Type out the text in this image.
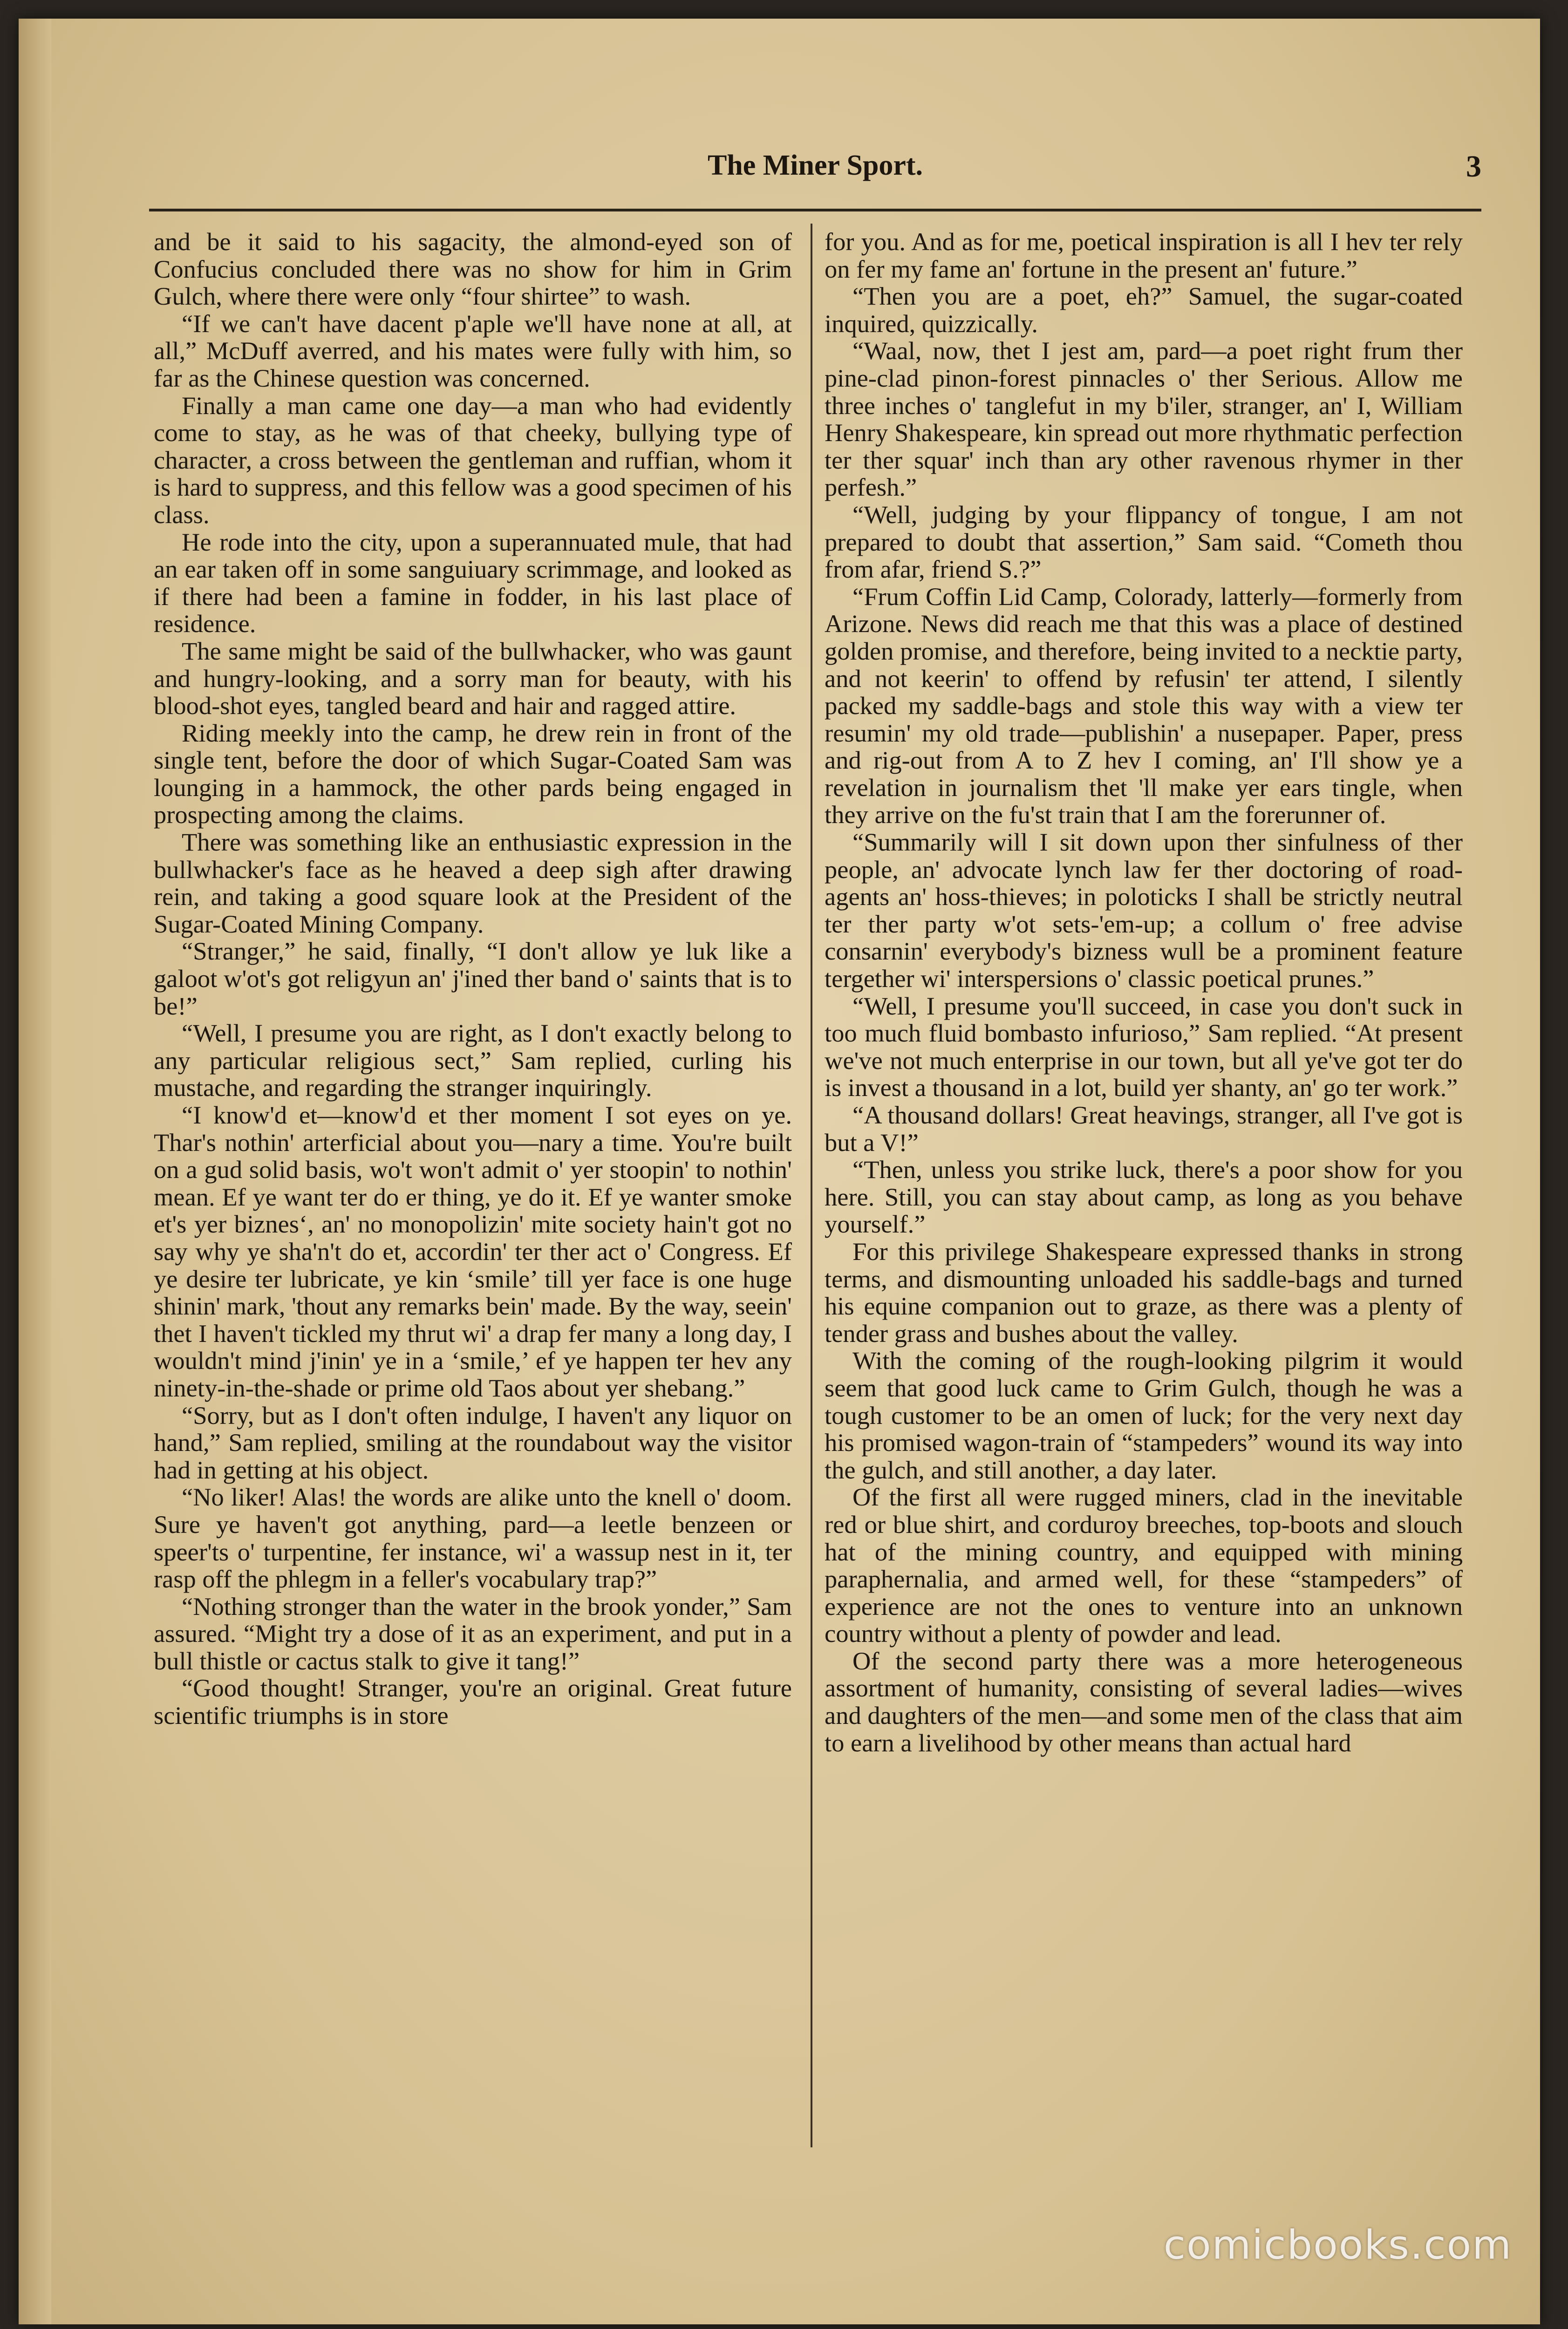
The Miner Sport.	3

and be it said to his sagacity, the almond-eyed son of Confucius concluded there was no show for him in Grim Gulch, where there were only “four shirtee” to wash.

“If we can't have dacent p'aple we'll have none at all, at all,” McDuff averred, and his mates were fully with him, so far as the Chinese question was concerned.

Finally a man came one day—a man who had evidently come to stay, as he was of that cheeky, bullying type of character, a cross between the gentleman and ruffian, whom it is hard to suppress, and this fellow was a good specimen of his class.

He rode into the city, upon a superannuated mule, that had an ear taken off in some sanguiuary scrimmage, and looked as if there had been a famine in fodder, in his last place of residence.

The same might be said of the bullwhacker, who was gaunt and hungry-looking, and a sorry man for beauty, with his blood-shot eyes, tangled beard and hair and ragged attire.

Riding meekly into the camp, he drew rein in front of the single tent, before the door of which Sugar-Coated Sam was lounging in a hammock, the other pards being engaged in prospecting among the claims.

There was something like an enthusiastic expression in the bullwhacker's face as he heaved a deep sigh after drawing rein, and taking a good square look at the President of the Sugar-Coated Mining Company.

“Stranger,” he said, finally, “I don't allow ye luk like a galoot w'ot's got religyun an' j'ined ther band o' saints that is to be!”

“Well, I presume you are right, as I don't exactly belong to any particular religious sect,” Sam replied, curling his mustache, and regarding the stranger inquiringly.

“I know'd et—know'd et ther moment I sot eyes on ye. Thar's nothin' arterficial about you—nary a time. You're built on a gud solid basis, wo't won't admit o' yer stoopin' to nothin' mean. Ef ye want ter do er thing, ye do it. Ef ye wanter smoke et's yer biznesʻ, an' no monopolizin' mite society hain't got no say why ye sha'n't do et, accordin' ter ther act o' Congress. Ef ye desire ter lubricate, ye kin ‘smile’ till yer face is one huge shinin' mark, 'thout any remarks bein' made. By the way, seein' thet I haven't tickled my thrut wi' a drap fer many a long day, I wouldn't mind j'inin' ye in a ‘smile,’ ef ye happen ter hev any ninety-in-the-shade or prime old Taos about yer shebang.”

“Sorry, but as I don't often indulge, I haven't any liquor on hand,” Sam replied, smiling at the roundabout way the visitor had in getting at his object.

“No liker! Alas! the words are alike unto the knell o' doom. Sure ye haven't got anything, pard—a leetle benzeen or speer'ts o' turpentine, fer instance, wi' a wassup nest in it, ter rasp off the phlegm in a feller's vocabulary trap?”

“Nothing stronger than the water in the brook yonder,” Sam assured. “Might try a dose of it as an experiment, and put in a bull thistle or cactus stalk to give it tang!”

“Good thought! Stranger, you're an original. Great future scientific triumphs is in store

for you. And as for me, poetical inspiration is all I hev ter rely on fer my fame an' fortune in the present an' future.”

“Then you are a poet, eh?” Samuel, the sugar-coated inquired, quizzically.

“Waal, now, thet I jest am, pard—a poet right frum ther pine-clad pinon-forest pinnacles o' ther Serious. Allow me three inches o' tanglefut in my b'iler, stranger, an' I, William Henry Shakespeare, kin spread out more rhythmatic perfection ter ther squar' inch than ary other ravenous rhymer in ther perfesh.”

“Well, judging by your flippancy of tongue, I am not prepared to doubt that assertion,” Sam said. “Cometh thou from afar, friend S.?”

“Frum Coffin Lid Camp, Colorady, latterly—formerly from Arizone. News did reach me that this was a place of destined golden promise, and therefore, being invited to a necktie party, and not keerin' to offend by refusin' ter attend, I silently packed my saddle-bags and stole this way with a view ter resumin' my old trade—publishin' a nusepaper. Paper, press and rig-out from A to Z hev I coming, an' I'll show ye a revelation in journalism thet 'll make yer ears tingle, when they arrive on the fu'st train that I am the forerunner of.

“Summarily will I sit down upon ther sinfulness of ther people, an' advocate lynch law fer ther doctoring of road-agents an' hoss-thieves; in poloticks I shall be strictly neutral ter ther party w'ot sets-'em-up; a collum o' free advise consarnin' everybody's bizness wull be a prominent feature tergether wi' interspersions o' classic poetical prunes.”

“Well, I presume you'll succeed, in case you don't suck in too much fluid bombasto infurioso,” Sam replied. “At present we've not much enterprise in our town, but all ye've got ter do is invest a thousand in a lot, build yer shanty, an' go ter work.”

“A thousand dollars! Great heavings, stranger, all I've got is but a V!”

“Then, unless you strike luck, there's a poor show for you here. Still, you can stay about camp, as long as you behave yourself.”

For this privilege Shakespeare expressed thanks in strong terms, and dismounting unloaded his saddle-bags and turned his equine companion out to graze, as there was a plenty of tender grass and bushes about the valley.

With the coming of the rough-looking pilgrim it would seem that good luck came to Grim Gulch, though he was a tough customer to be an omen of luck; for the very next day his promised wagon-train of “stampeders” wound its way into the gulch, and still another, a day later.

Of the first all were rugged miners, clad in the inevitable red or blue shirt, and corduroy breeches, top-boots and slouch hat of the mining country, and equipped with mining paraphernalia, and armed well, for these “stampeders” of experience are not the ones to venture into an unknown country without a plenty of powder and lead.

Of the second party there was a more heterogeneous assortment of humanity, consisting of several ladies—wives and daughters of the men—and some men of the class that aim to earn a livelihood by other means than actual hard

comicbooks.com
